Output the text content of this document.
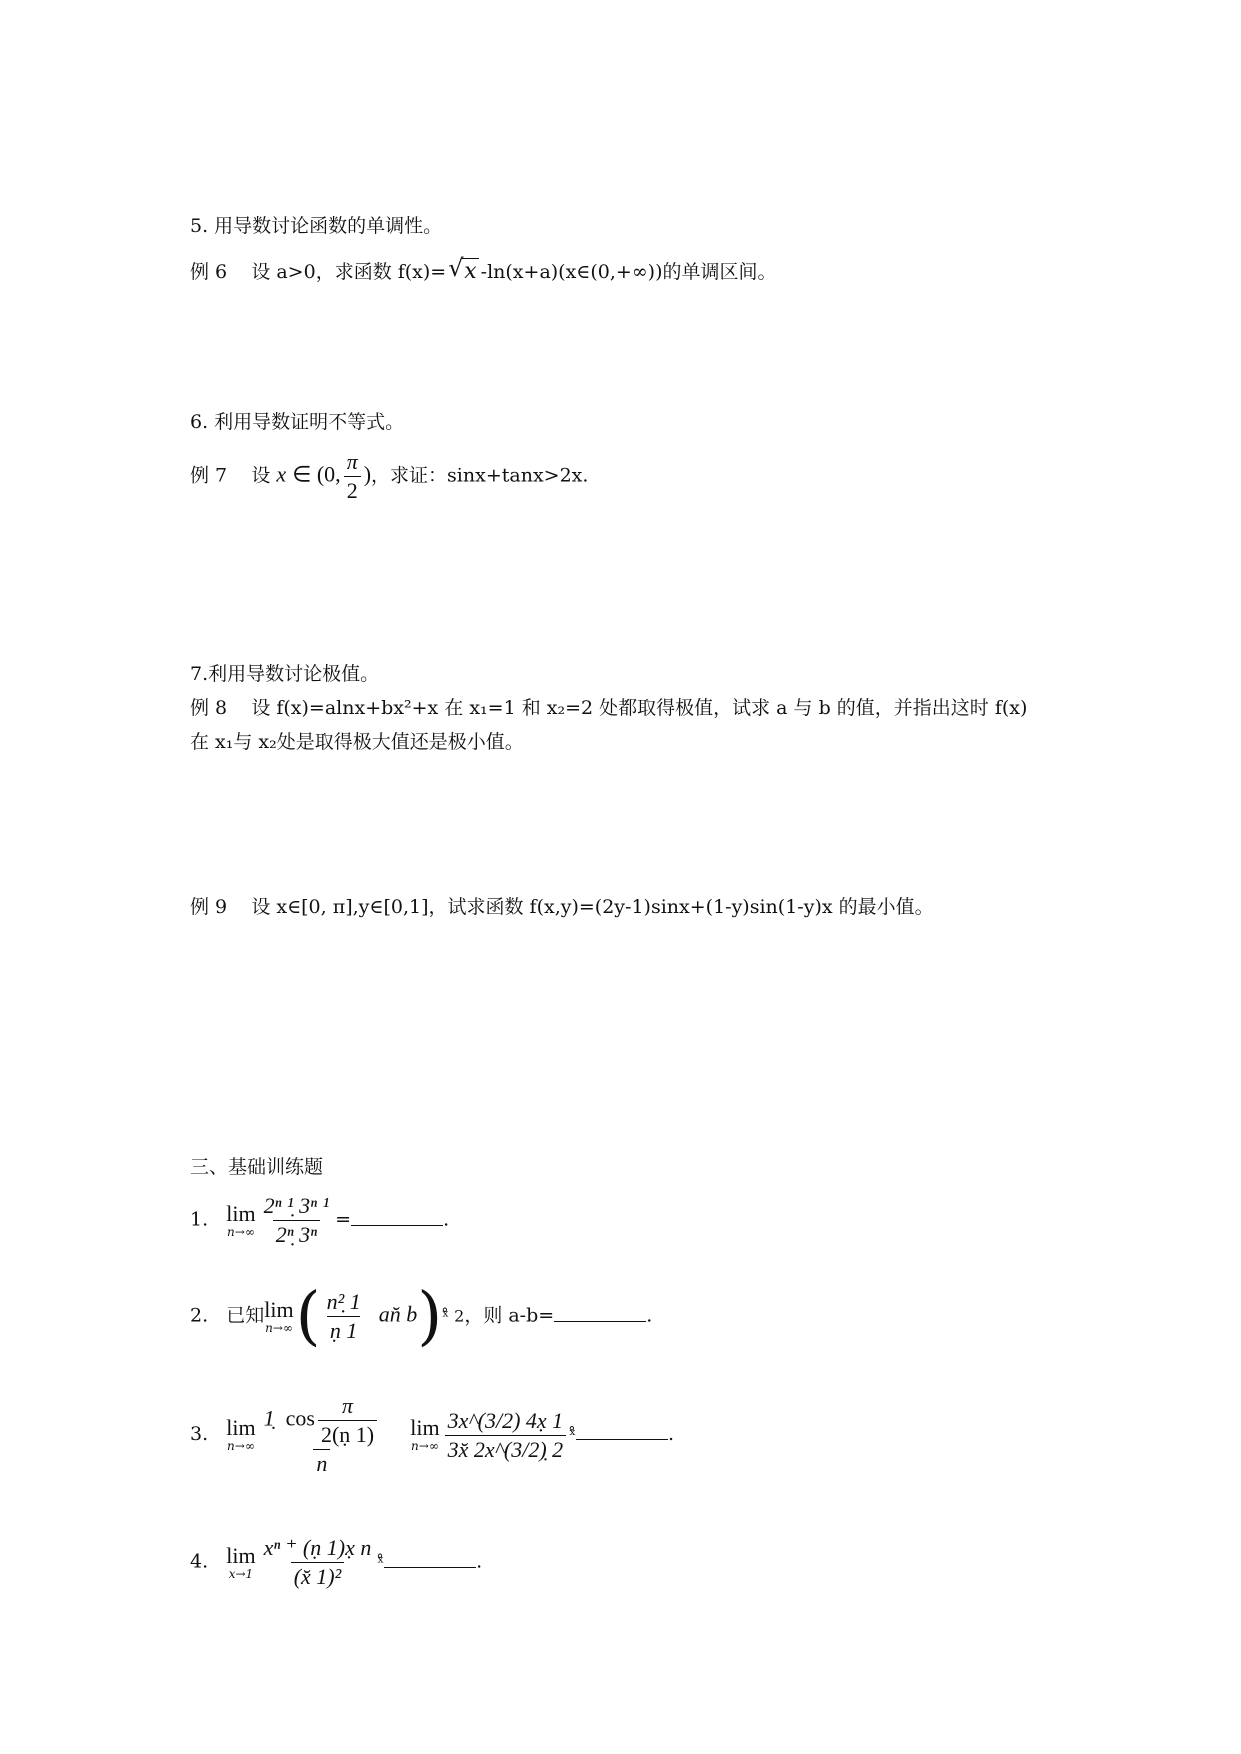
5. 用导数讨论函数的单调性。
例 6 设 a>0，求函数 f(x)= √ x -ln(x+a)(x∈(0,+∞))的单调区间。
6. 利用导数证明不等式。
例 7 设 x ∈ (0, $\frac{\pi}{2}$ )，求证：sinx+tanx>2x.
7.利用导数讨论极值。
例 8 设 f(x)=alnx+bx²+x 在 x₁=1 和 x₂=2 处都取得极值，试求 a 与 b 的值，并指出这时 f(x)
在 x₁与 x₂处是取得极大值还是极小值。
例 9 设 x∈[0, π],y∈[0,1]，试求函数 f(x,y)=(2y-1)sinx+(1-y)sin(1-y)x 的最小值。
三、基础训练题
1. lim
$n\to\infty \frac{\text{2ⁿ ¹̣ 3ⁿ ¹}}{\text{2ⁿ̣ 3ⁿ}}$ =	.
2. 已知 lim
n→∞ ( $\frac{\text{n²̣ 1}}{\text{ṇ 1}}$ an̆ b)ˣ̊ 2，则 a-b=	.
3. lim
$n\to\infty \frac{1̣ \cos \frac{\pi}{\text{2(ṇ 1)}}}{n}$
lim
$n\to\infty \frac{3x\^{}(3/2) 4x̣ 1}{3x̆ 2x\^{}(3/2)̣ 2}$ ˣ̊	.
4. lim
$x\to 1 \frac{\text{xⁿ ⁺ (ṇ 1)x̣ n}}{\text{(x̆ 1)²}}$ ˣ̊	.
